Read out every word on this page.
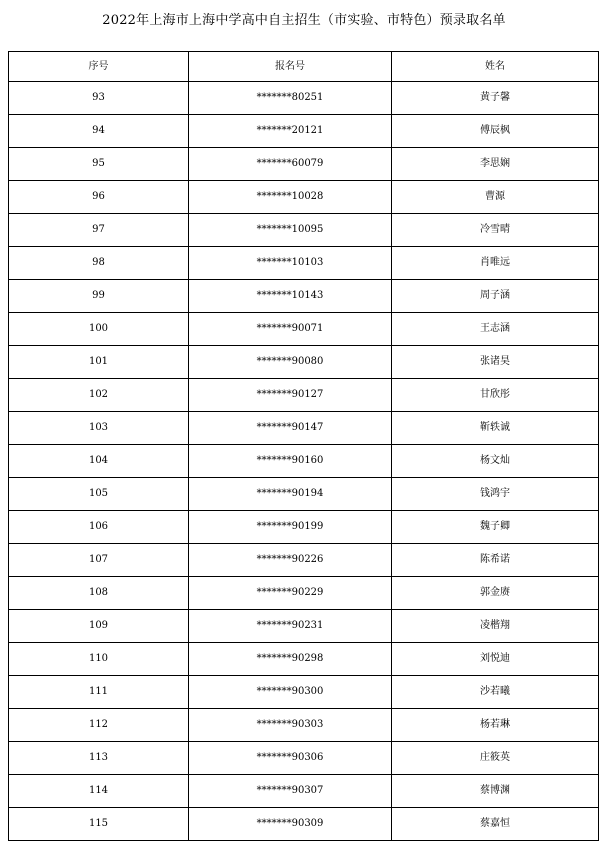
2022年上海市上海中学高中自主招生（市实验、市特色）预录取名单
序号	报名号	姓名
93	*******80251	黄子馨
94	*******20121	傅辰枫
95	*******60079	李思娴
96	*******10028	曹源
97	*******10095	冷雪晴
98	*******10103	肖唯远
99	*******10143	周子涵
100	*******90071	王志涵
101	*******90080	张诸昊
102	*******90127	甘欣彤
103	*******90147	靳轶诚
104	*******90160	杨文灿
105	*******90194	钱鸿宇
106	*******90199	魏子卿
107	*******90226	陈希诺
108	*******90229	郭金赓
109	*******90231	凌楷翔
110	*******90298	刘悦迪
111	*******90300	沙若曦
112	*******90303	杨若琳
113	*******90306	庄筱英
114	*******90307	蔡博渊
115	*******90309	蔡嘉恒
